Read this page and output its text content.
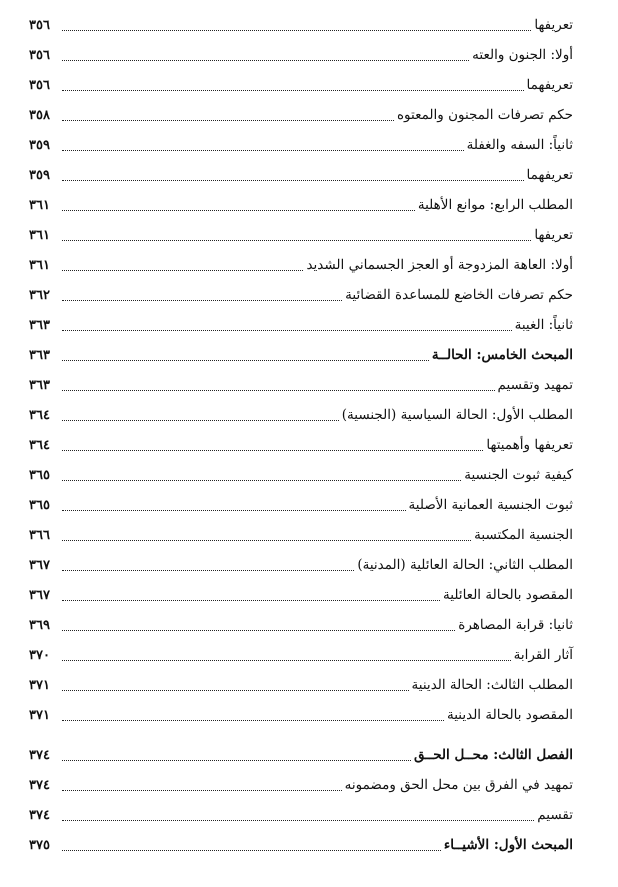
تعريفها
٣٥٦
أولا: الجنون والعته
٣٥٦
تعريفهما
٣٥٦
حكم تصرفات المجنون والمعتوه
٣٥٨
ثانياً: السفه والغفلة
٣٥٩
تعريفهما
٣٥٩
المطلب الرابع: موانع الأهلية
٣٦١
تعريفها
٣٦١
أولا: العاهة المزدوجة أو العجز الجسماني الشديد
٣٦١
حكم تصرفات الخاضع للمساعدة القضائية
٣٦٢
ثانياً: الغيبة
٣٦٣
المبحث الخامس: الحالــة
٣٦٣
تمهيد وتقسيم
٣٦٣
المطلب الأول: الحالة السياسية (الجنسية)
٣٦٤
تعريفها وأهميتها
٣٦٤
كيفية ثبوت الجنسية
٣٦٥
ثبوت الجنسية العمانية الأصلية
٣٦٥
الجنسية المكتسبة
٣٦٦
المطلب الثاني: الحالة العائلية (المدنية)
٣٦٧
المقصود بالحالة العائلية
٣٦٧
ثانيا: قرابة المصاهرة
٣٦٩
آثار القرابة
٣٧٠
المطلب الثالث: الحالة الدينية
٣٧١
المقصود بالحالة الدينية
٣٧١
الفصل الثالث: محــل الحــق
٣٧٤
تمهيد في الفرق بين محل الحق ومضمونه
٣٧٤
تقسيم
٣٧٤
المبحث الأول: الأشيــاء
٣٧٥
